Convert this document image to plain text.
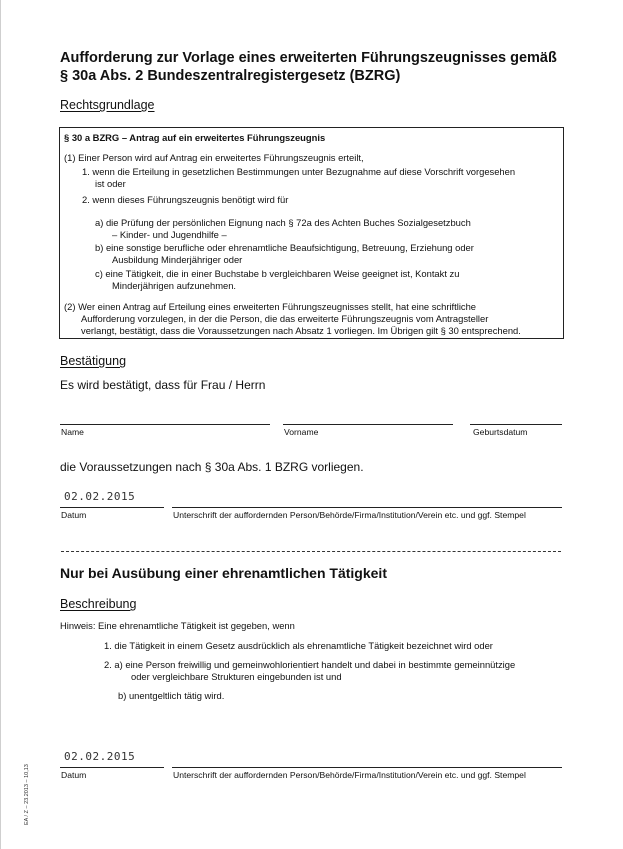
Aufforderung zur Vorlage eines erweiterten Führungszeugnisses gemäß
§ 30a Abs. 2 Bundeszentralregistergesetz (BZRG)
Rechtsgrundlage
§ 30 a BZRG – Antrag auf ein erweitertes Führungszeugnis
(1) Einer Person wird auf Antrag ein erweitertes Führungszeugnis erteilt,
1. wenn die Erteilung in gesetzlichen Bestimmungen unter Bezugnahme auf diese Vorschrift vorgesehen
ist oder
2. wenn dieses Führungszeugnis benötigt wird für
a) die Prüfung der persönlichen Eignung nach § 72a des Achten Buches Sozialgesetzbuch
– Kinder- und Jugendhilfe –
b) eine sonstige berufliche oder ehrenamtliche Beaufsichtigung, Betreuung, Erziehung oder
Ausbildung Minderjähriger oder
c) eine Tätigkeit, die in einer Buchstabe b vergleichbaren Weise geeignet ist, Kontakt zu
Minderjährigen aufzunehmen.
(2) Wer einen Antrag auf Erteilung eines erweiterten Führungszeugnisses stellt, hat eine schriftliche
Aufforderung vorzulegen, in der die Person, die das erweiterte Führungszeugnis vom Antragsteller
verlangt, bestätigt, dass die Voraussetzungen nach Absatz 1 vorliegen. Im Übrigen gilt § 30 entsprechend.
Bestätigung
Es wird bestätigt, dass für Frau / Herrn
Name	Vorname	Geburtsdatum
die Voraussetzungen nach § 30a Abs. 1 BZRG vorliegen.
02.02.2015
Datum	Unterschrift der auffordernden Person/Behörde/Firma/Institution/Verein etc. und ggf. Stempel
Nur bei Ausübung einer ehrenamtlichen Tätigkeit
Beschreibung
Hinweis: Eine ehrenamtliche Tätigkeit ist gegeben, wenn
1. die Tätigkeit in einem Gesetz ausdrücklich als ehrenamtliche Tätigkeit bezeichnet wird oder
2. a) eine Person freiwillig und gemeinwohlorientiert handelt und dabei in bestimmte gemeinnützige
oder vergleichbare Strukturen eingebunden ist und
b) unentgeltlich tätig wird.
02.02.2015
Datum	Unterschrift der auffordernden Person/Behörde/Firma/Institution/Verein etc. und ggf. Stempel
EA / Z – 23.2013 – 10,13
